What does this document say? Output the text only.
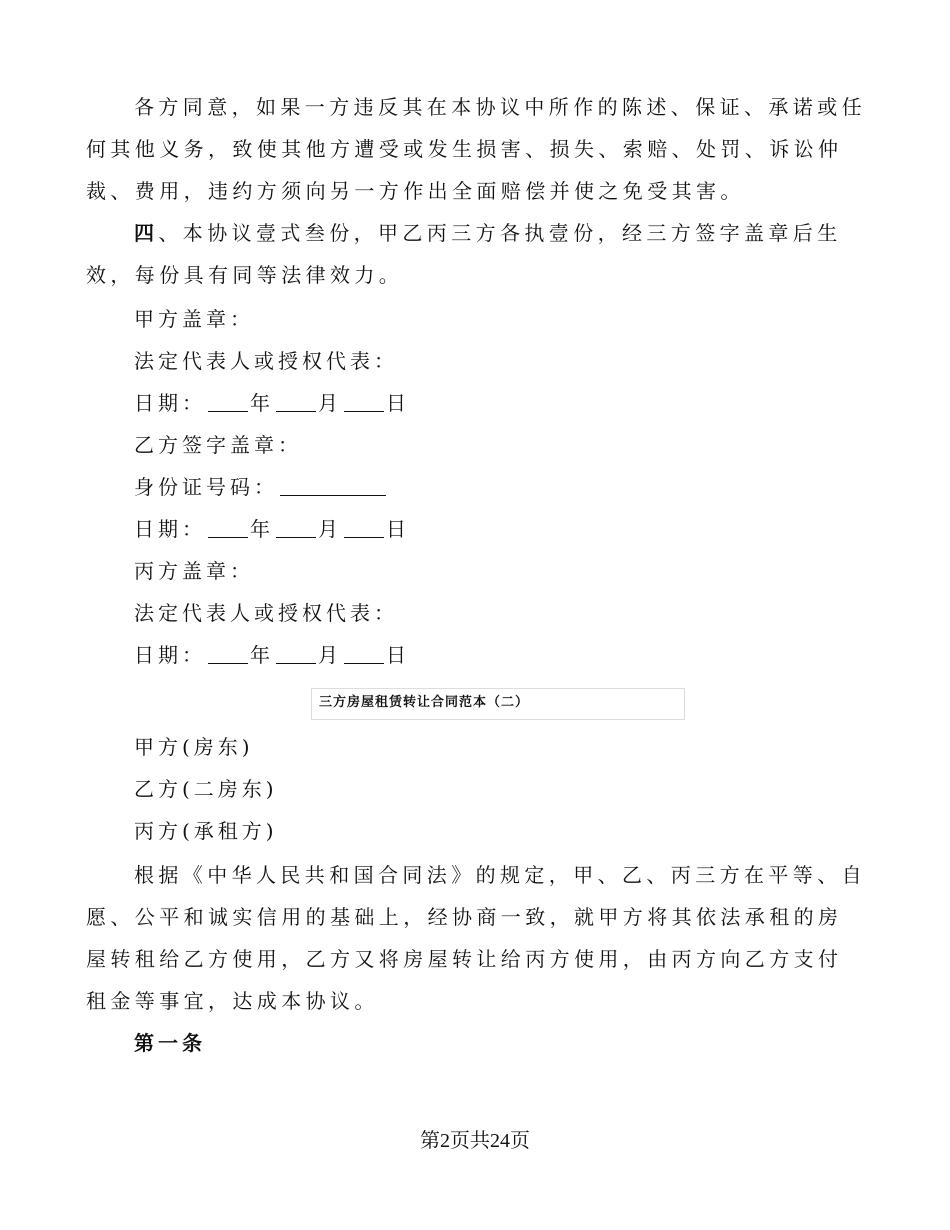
各方同意，如果一方违反其在本协议中所作的陈述、保证、承诺或任何其他义务，致使其他方遭受或发生损害、损失、索赔、处罚、诉讼仲裁、费用，违约方须向另一方作出全面赔偿并使之免受其害。

四、本协议壹式叁份，甲乙丙三方各执壹份，经三方签字盖章后生效，每份具有同等法律效力。

甲方盖章：

法定代表人或授权代表：

日期： 年 月 日

乙方签字盖章：

身份证号码：

日期： 年 月 日

丙方盖章：

法定代表人或授权代表：

日期： 年 月 日

三方房屋租赁转让合同范本（二）

甲方(房东)

乙方(二房东)

丙方(承租方)

根据《中华人民共和国合同法》的规定，甲、乙、丙三方在平等、自愿、公平和诚实信用的基础上，经协商一致，就甲方将其依法承租的房屋转租给乙方使用，乙方又将房屋转让给丙方使用，由丙方向乙方支付租金等事宜，达成本协议。

第一条

第2页共24页
